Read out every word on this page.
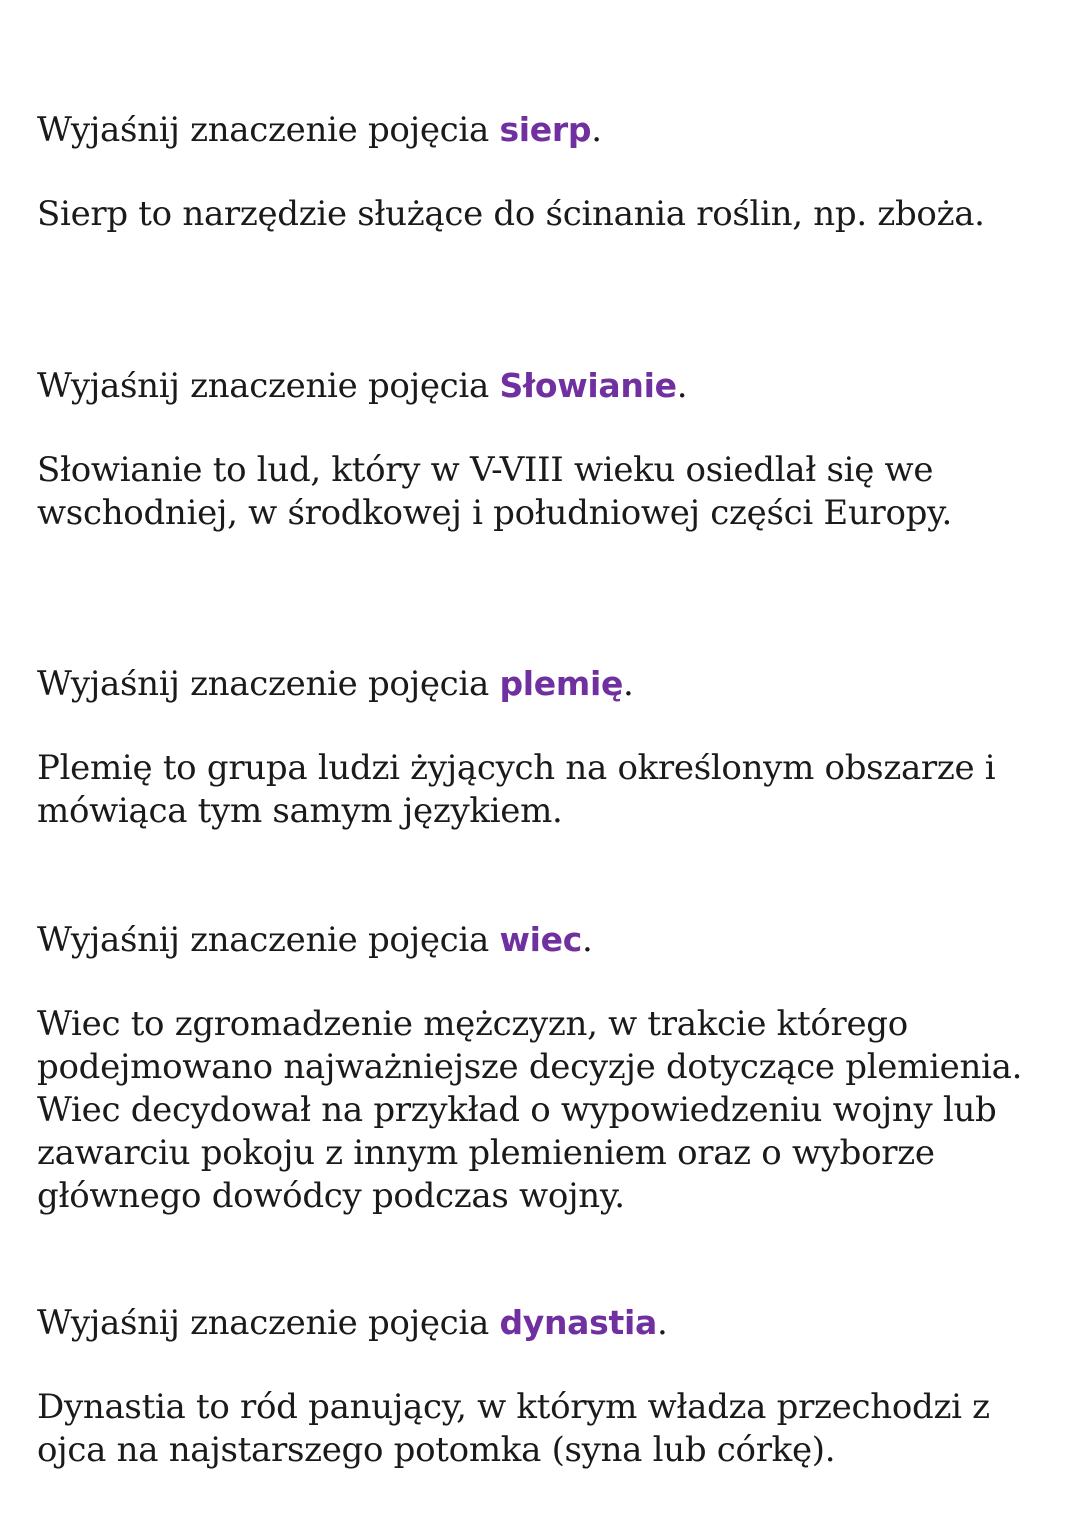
Wyjaśnij znaczenie pojęcia sierp.

Sierp to narzędzie służące do ścinania roślin, np. zboża.

Wyjaśnij znaczenie pojęcia Słowianie.

Słowianie to lud, który w V-VIII wieku osiedlał się we wschodniej, w środkowej i południowej części Europy.

Wyjaśnij znaczenie pojęcia plemię.

Plemię to grupa ludzi żyjących na określonym obszarze i mówiąca tym samym językiem.

Wyjaśnij znaczenie pojęcia wiec.

Wiec to zgromadzenie mężczyzn, w trakcie którego podejmowano najważniejsze decyzje dotyczące plemienia. Wiec decydował na przykład o wypowiedzeniu wojny lub zawarciu pokoju z innym plemieniem oraz o wyborze głównego dowódcy podczas wojny.

Wyjaśnij znaczenie pojęcia dynastia.

Dynastia to ród panujący, w którym władza przechodzi z ojca na najstarszego potomka (syna lub córkę).
